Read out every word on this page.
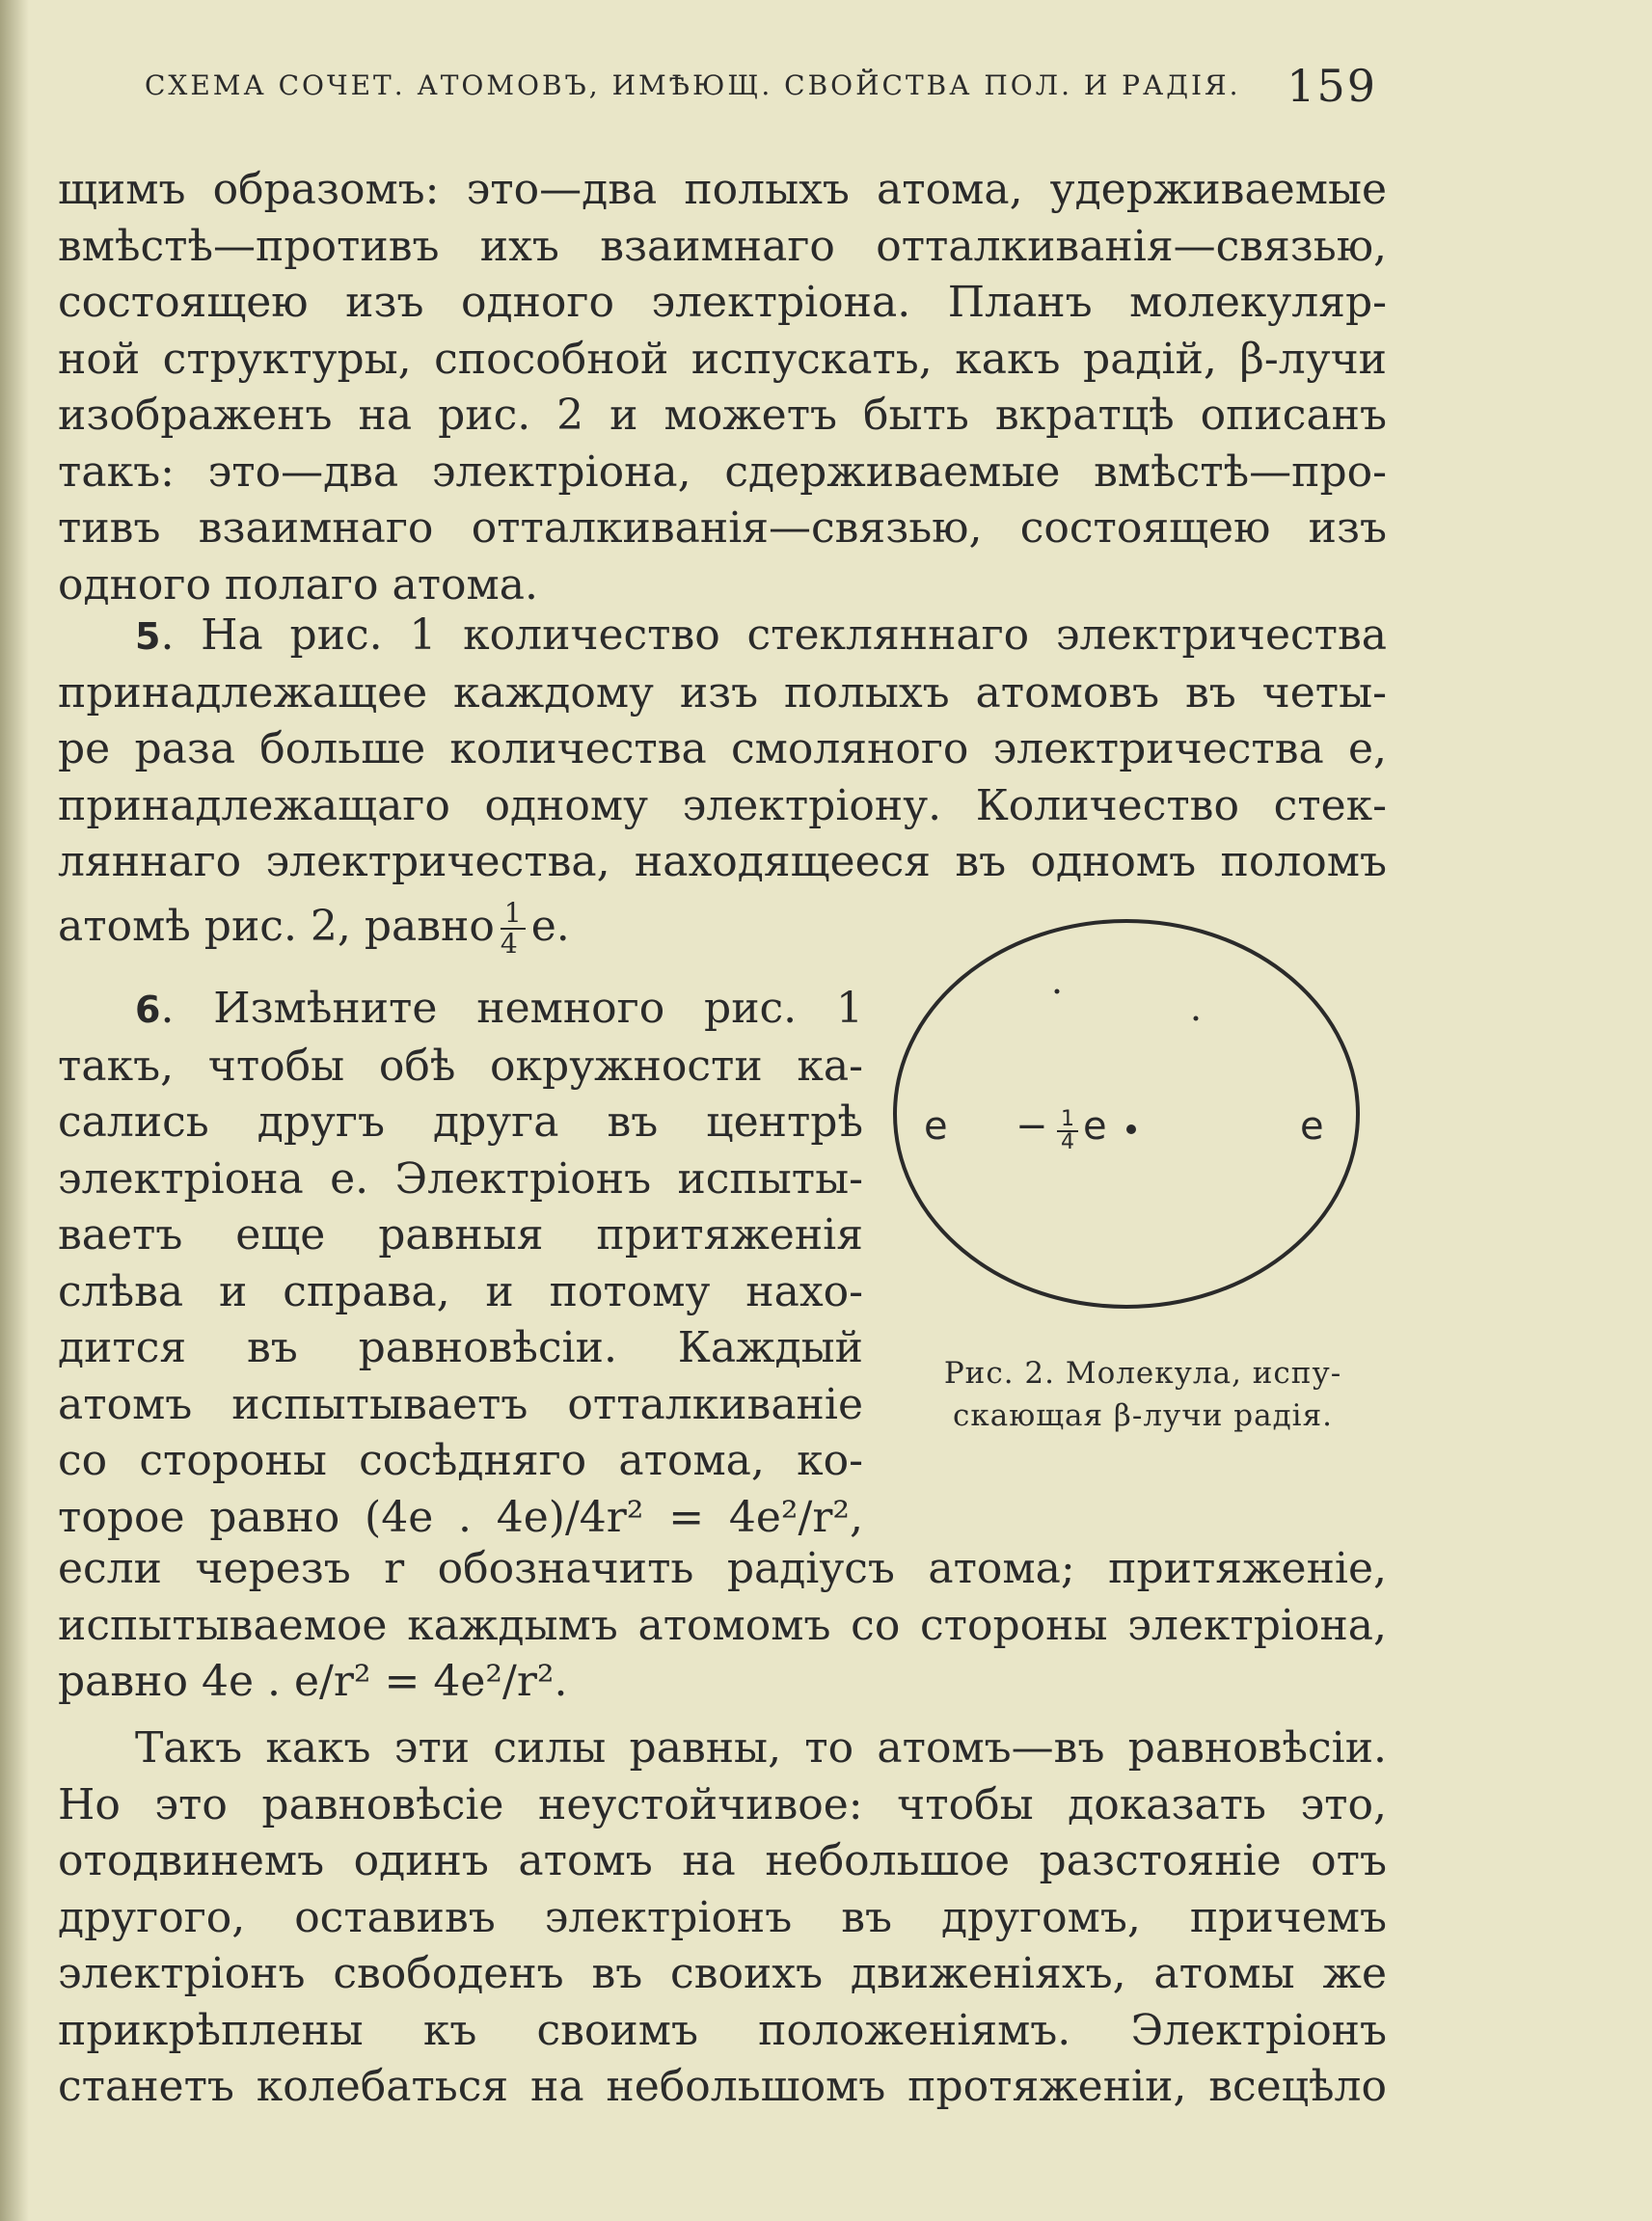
СХЕМА СОЧЕТ. АТОМОВЪ, ИМѢЮЩ. СВОЙСТВА ПОЛ. И РАДІЯ.	159
щимъ образомъ: это—два полыхъ атома, удерживаемые
вмѣстѣ—противъ ихъ взаимнаго отталкиванія—связью,
состоящею изъ одного электріона. Планъ молекуляр-
ной структуры, способной испускать, какъ радій, β-лучи
изображенъ на рис. 2 и можетъ быть вкратцѣ описанъ
такъ: это—два электріона, сдерживаемые вмѣстѣ—про-
тивъ взаимнаго отталкиванія—связью, состоящею изъ
одного полаго атома.
5. На рис. 1 количество стекляннаго электричества
принадлежащее каждому изъ полыхъ атомовъ въ четы-
ре раза больше количества смоляного электричества e,
принадлежащаго одному электріону. Количество стек-
ляннаго электричества, находящееся въ одномъ поломъ
атомѣ рис. 2, равно $\frac{1}{4} e$.
6. Измѣните немного рис. 1
такъ, чтобы обѣ окружности ка-
сались другъ друга въ центрѣ
электріона e. Электріонъ испыты-
ваетъ еще равныя притяженія
слѣва и справа, и потому нахо-
дится въ равновѣсіи. Каждый
атомъ испытываетъ отталкиваніе
со стороны сосѣдняго атома, ко-
торое равно (4e . 4e)/4r² = 4e²/r²,
e	e
− $\frac{1}{4}$ e
Рис. 2. Молекула, испу-
скающая β-лучи радія.
если черезъ r обозначить радіусъ атома; притяженіе,
испытываемое каждымъ атомомъ со стороны электріона,
равно 4e . e/r² = 4e²/r².
Такъ какъ эти силы равны, то атомъ—въ равновѣсіи.
Но это равновѣсіе неустойчивое: чтобы доказать это,
отодвинемъ одинъ атомъ на небольшое разстояніе отъ
другого, оставивъ электріонъ въ другомъ, причемъ
электріонъ свободенъ въ своихъ движеніяхъ, атомы же
прикрѣплены къ своимъ положеніямъ. Электріонъ
станетъ колебаться на небольшомъ протяженіи, всецѣло
